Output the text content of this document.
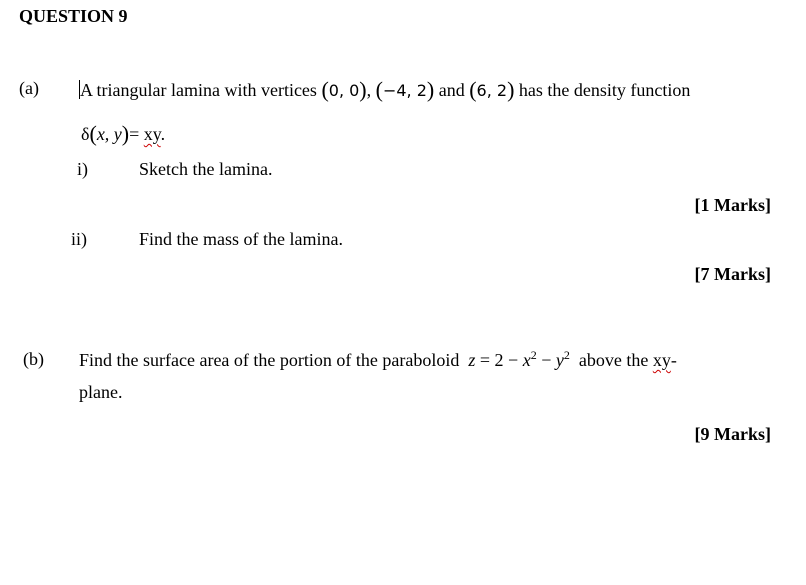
QUESTION 9
(a) A triangular lamina with vertices (0, 0), (−4, 2) and (6, 2) has the density function
δ(x, y)= xy.
i)	Sketch the lamina.
[1 Marks]
ii)	Find the mass of the lamina.
[7 Marks]
(b) Find the surface area of the portion of the paraboloid $z = 2 - x^2 - y^2$ above the xy-
plane.
[9 Marks]
